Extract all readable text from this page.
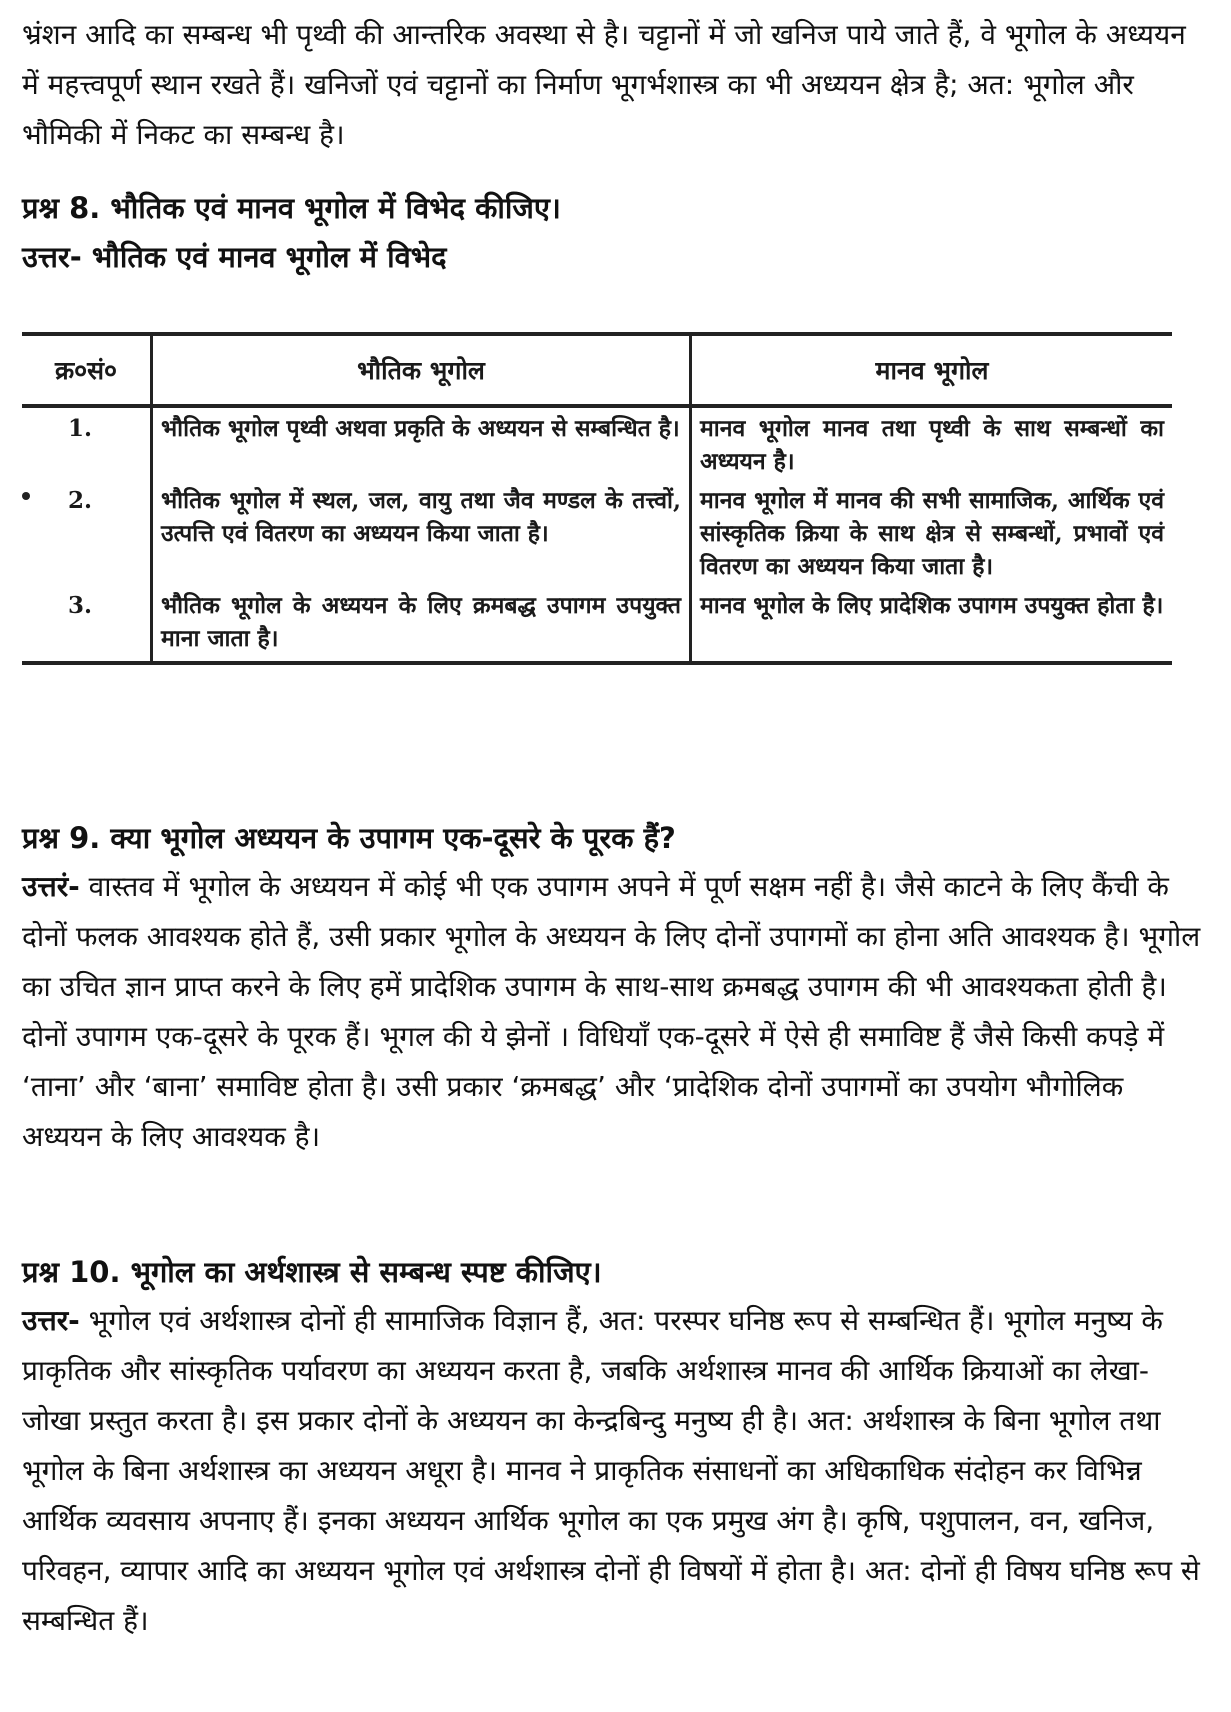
भ्रंशन आदि का सम्बन्ध भी पृथ्वी की आन्तरिक अवस्था से है। चट्टानों में जो खनिज पाये जाते हैं, वे भूगोल के अध्ययन में महत्त्वपूर्ण स्थान रखते हैं। खनिजों एवं चट्टानों का निर्माण भूगर्भशास्त्र का भी अध्ययन क्षेत्र है; अत: भूगोल और भौमिकी में निकट का सम्बन्ध है।

प्रश्न 8. भौतिक एवं मानव भूगोल में विभेद कीजिए।

उत्तर- भौतिक एवं मानव भूगोल में विभेद

क्र०सं०	भौतिक भूगोल	मानव भूगोल
1.	भौतिक भूगोल पृथ्वी अथवा प्रकृति के अध्ययन से सम्बन्धित है।	मानव भूगोल मानव तथा पृथ्वी के साथ सम्बन्धों का अध्ययन है।
2.	भौतिक भूगोल में स्थल, जल, वायु तथा जैव मण्डल के तत्त्वों, उत्पत्ति एवं वितरण का अध्ययन किया जाता है।	मानव भूगोल में मानव की सभी सामाजिक, आर्थिक एवं सांस्कृतिक क्रिया के साथ क्षेत्र से सम्बन्धों, प्रभावों एवं वितरण का अध्ययन किया जाता है।
3.	भौतिक भूगोल के अध्ययन के लिए क्रमबद्ध उपागम उपयुक्त माना जाता है।	मानव भूगोल के लिए प्रादेशिक उपागम उपयुक्त होता है।

प्रश्न 9. क्या भूगोल अध्ययन के उपागम एक-दूसरे के पूरक हैं?

उत्तरं- वास्तव में भूगोल के अध्ययन में कोई भी एक उपागम अपने में पूर्ण सक्षम नहीं है। जैसे काटने के लिए कैंची के दोनों फलक आवश्यक होते हैं, उसी प्रकार भूगोल के अध्ययन के लिए दोनों उपागमों का होना अति आवश्यक है। भूगोल का उचित ज्ञान प्राप्त करने के लिए हमें प्रादेशिक उपागम के साथ-साथ क्रमबद्ध उपागम की भी आवश्यकता होती है। दोनों उपागम एक-दूसरे के पूरक हैं। भूगल की ये झेनों । विधियाँ एक-दूसरे में ऐसे ही समाविष्ट हैं जैसे किसी कपड़े में ‘ताना’ और ‘बाना’ समाविष्ट होता है। उसी प्रकार ‘क्रमबद्ध’ और ‘प्रादेशिक दोनों उपागमों का उपयोग भौगोलिक अध्ययन के लिए आवश्यक है।

प्रश्न 10. भूगोल का अर्थशास्त्र से सम्बन्ध स्पष्ट कीजिए।

उत्तर- भूगोल एवं अर्थशास्त्र दोनों ही सामाजिक विज्ञान हैं, अत: परस्पर घनिष्ठ रूप से सम्बन्धित हैं। भूगोल मनुष्य के प्राकृतिक और सांस्कृतिक पर्यावरण का अध्ययन करता है, जबकि अर्थशास्त्र मानव की आर्थिक क्रियाओं का लेखा-जोखा प्रस्तुत करता है। इस प्रकार दोनों के अध्ययन का केन्द्रबिन्दु मनुष्य ही है। अत: अर्थशास्त्र के बिना भूगोल तथा भूगोल के बिना अर्थशास्त्र का अध्ययन अधूरा है। मानव ने प्राकृतिक संसाधनों का अधिकाधिक संदोहन कर विभिन्न आर्थिक व्यवसाय अपनाए हैं। इनका अध्ययन आर्थिक भूगोल का एक प्रमुख अंग है। कृषि, पशुपालन, वन, खनिज, परिवहन, व्यापार आदि का अध्ययन भूगोल एवं अर्थशास्त्र दोनों ही विषयों में होता है। अत: दोनों ही विषय घनिष्ठ रूप से सम्बन्धित हैं।
